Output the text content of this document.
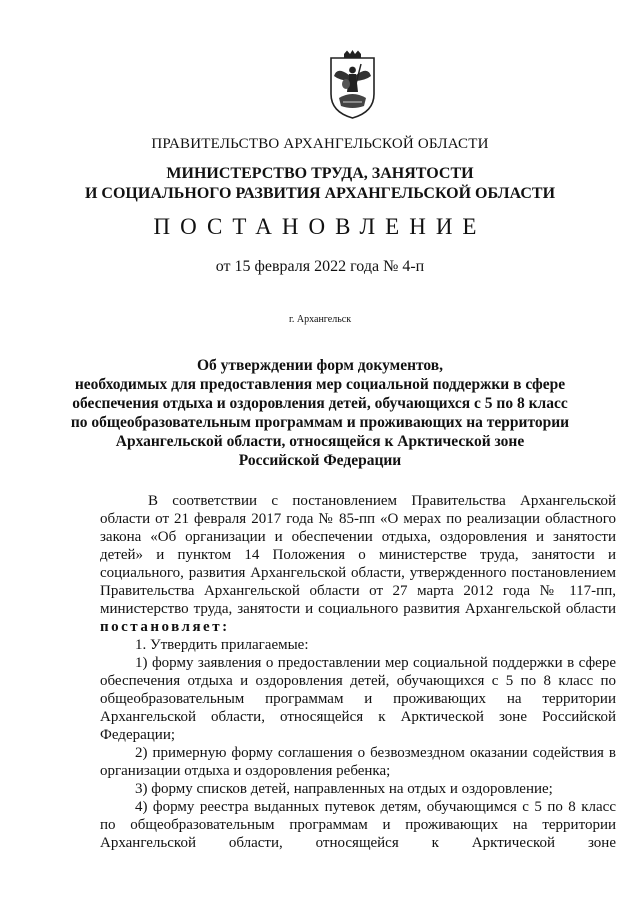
ПРАВИТЕЛЬСТВО АРХАНГЕЛЬСКОЙ ОБЛАСТИ
МИНИСТЕРСТВО ТРУДА, ЗАНЯТОСТИ
И СОЦИАЛЬНОГО РАЗВИТИЯ АРХАНГЕЛЬСКОЙ ОБЛАСТИ
ПОСТАНОВЛЕНИЕ
от 15 февраля 2022 года № 4-п
г. Архангельск
Об утверждении форм документов,
необходимых для предоставления мер социальной поддержки в сфере
обеспечения отдыха и оздоровления детей, обучающихся с 5 по 8 класс
по общеобразовательным программам и проживающих на территории
Архангельской области, относящейся к Арктической зоне
Российской Федерации

В соответствии с постановлением Правительства Архангельской области от 21 февраля 2017 года № 85-пп «О мерах по реализации областного закона «Об организации и обеспечении отдыха, оздоровления и занятости детей» и пунктом 14 Положения о министерстве труда, занятости и социального, развития Архангельской области, утвержденного постановлением Правительства Архангельской области от 27 марта 2012 года № 117-пп, министерство труда, занятости и социального развития Архангельской области постановляет:

1. Утвердить прилагаемые:

1) форму заявления о предоставлении мер социальной поддержки в сфере обеспечения отдыха и оздоровления детей, обучающихся с 5 по 8 класс по общеобразовательным программам и проживающих на территории Архангельской области, относящейся к Арктической зоне Российской Федерации;

2) примерную форму соглашения о безвозмездном оказании содействия в организации отдыха и оздоровления ребенка;

3) форму списков детей, направленных на отдых и оздоровление;

4) форму реестра выданных путевок детям, обучающимся с 5 по 8 класс по общеобразовательным программам и проживающих на территории Архангельской области, относящейся к Арктической зоне
